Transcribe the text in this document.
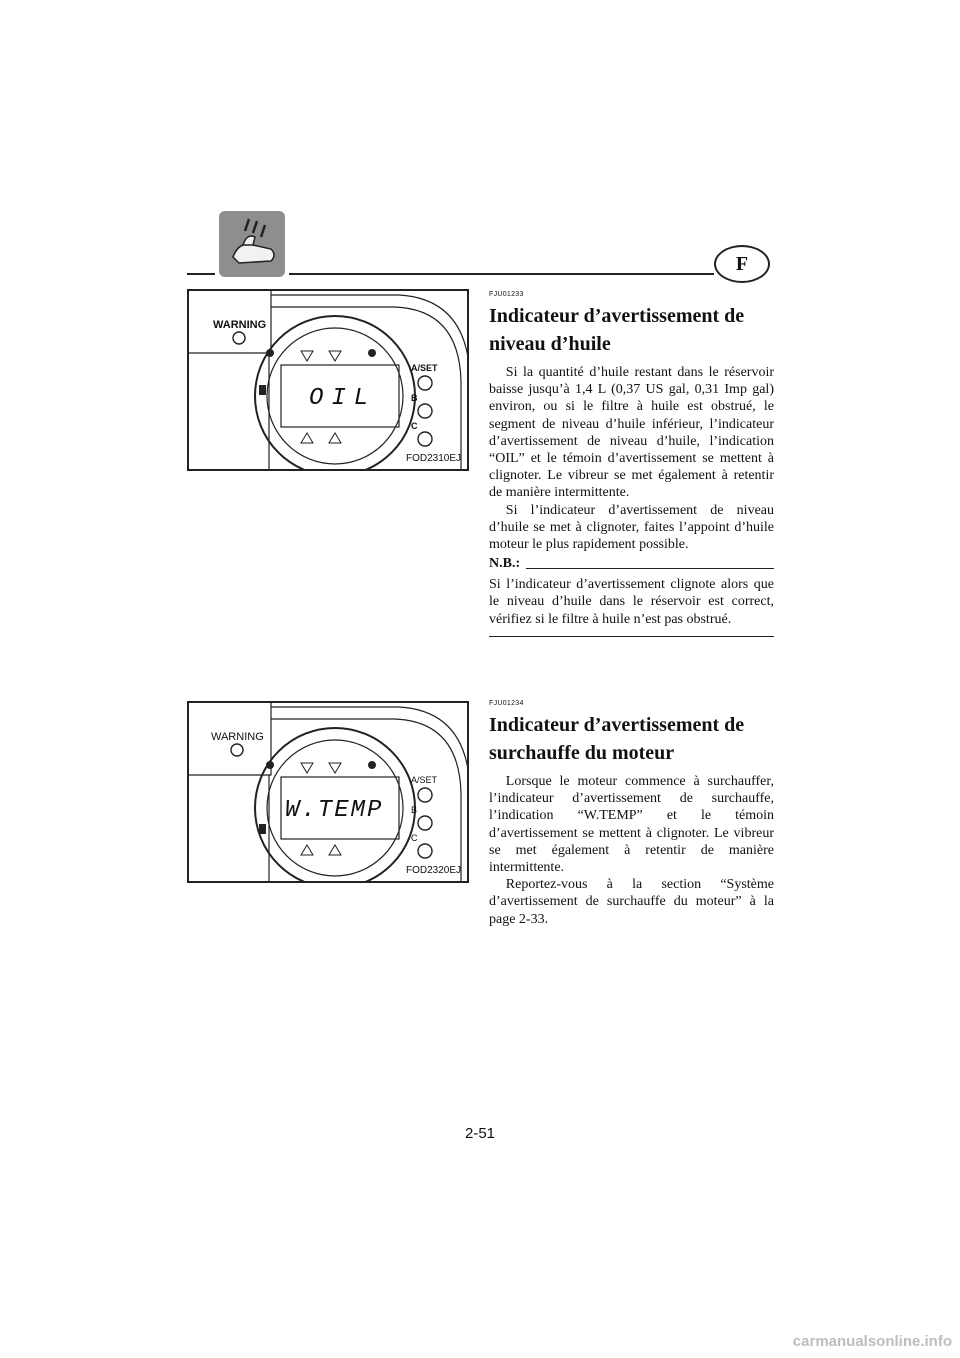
F
WARNING
OIL
A/SET
B
C
FOD2310EJ
WARNING
W.TEMP
A/SET
B
C
FOD2320EJ
FJU01233
Indicateur d’avertissement de niveau d’huile

Si la quantité d’huile restant dans le réservoir baisse jusqu’à 1,4 L (0,37 US gal, 0,31 Imp gal) environ, ou si le filtre à huile est obstrué, le segment de niveau d’huile inférieur, l’indicateur d’avertissement de niveau d’huile, l’indication “OIL” et le témoin d’avertissement se mettent à clignoter. Le vibreur se met également à retentir de manière intermittente.

Si l’indicateur d’avertissement de niveau d’huile se met à clignoter, faites l’appoint d’huile moteur le plus rapidement possible.

N.B.:
Si l’indicateur d’avertissement clignote alors que le niveau d’huile dans le réservoir est correct, vérifiez si le filtre à huile n’est pas obstrué.
FJU01234
Indicateur d’avertissement de surchauffe du moteur

Lorsque le moteur commence à surchauffer, l’indicateur d’avertissement de surchauffe, l’indication “W.TEMP” et le témoin d’avertissement se mettent à clignoter. Le vibreur se met également à retentir de manière intermittente.

Reportez-vous à la section “Système d’avertissement de surchauffe du moteur” à la page 2-33.

2-51
carmanualsonline.info
